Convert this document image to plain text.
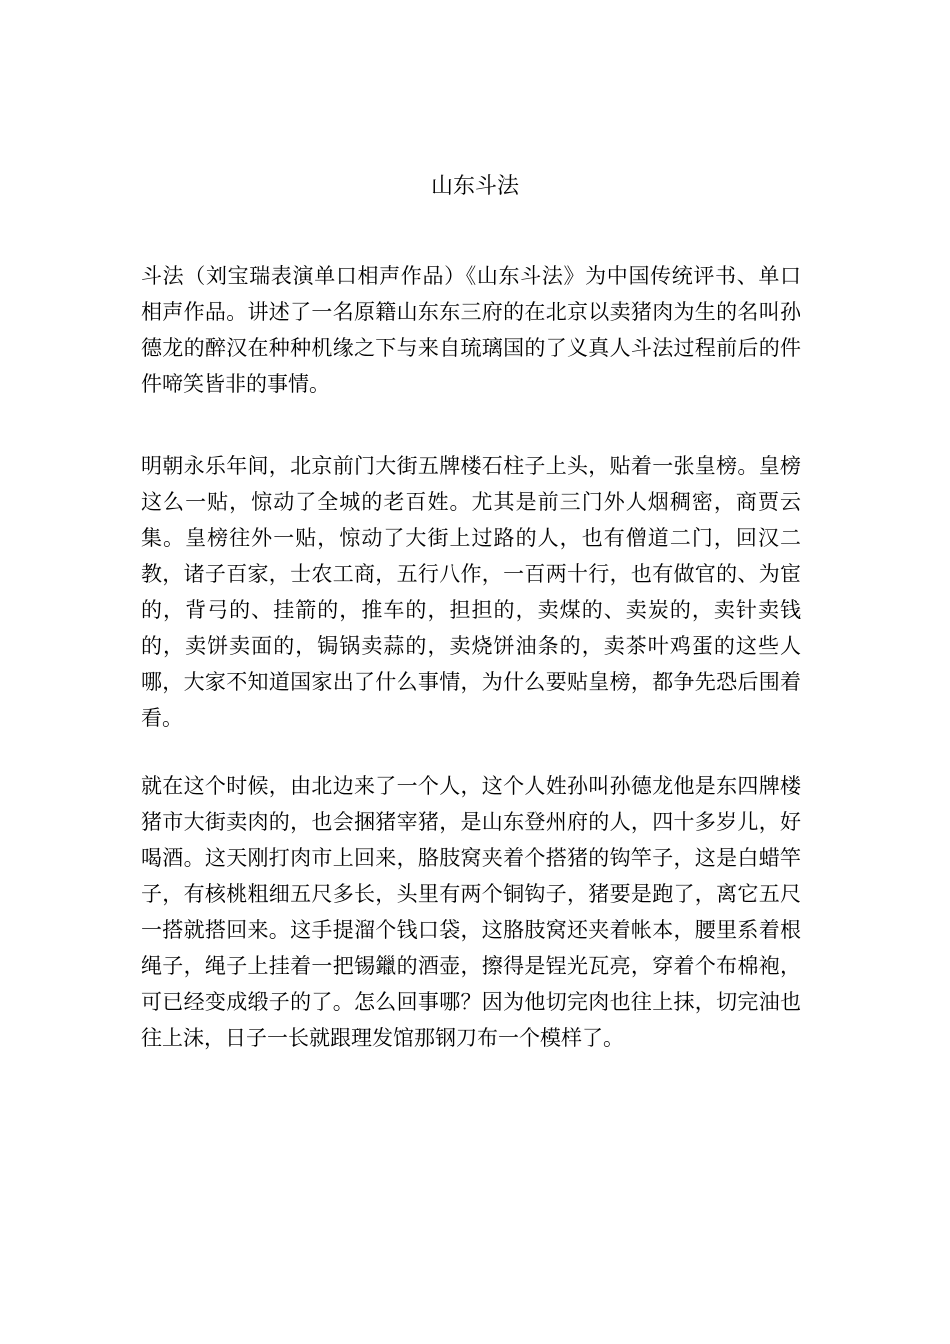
山东斗法

斗法（刘宝瑞表演单口相声作品）《山东斗法》为中国传统评书、单口相声作品。讲述了一名原籍山东东三府的在北京以卖猪肉为生的名叫孙德龙的醉汉在种种机缘之下与来自琉璃国的了义真人斗法过程前后的件件啼笑皆非的事情。

明朝永乐年间，北京前门大街五牌楼石柱子上头，贴着一张皇榜。皇榜这么一贴，惊动了全城的老百姓。尤其是前三门外人烟稠密，商贾云集。皇榜往外一贴，惊动了大街上过路的人，也有僧道二门，回汉二教，诸子百家，士农工商，五行八作，一百两十行，也有做官的、为宦的，背弓的、挂箭的，推车的，担担的，卖煤的、卖炭的，卖针卖钱的，卖饼卖面的，锔锅卖蒜的，卖烧饼油条的，卖茶叶鸡蛋的这些人哪，大家不知道国家出了什么事情，为什么要贴皇榜，都争先恐后围着看。

就在这个时候，由北边来了一个人，这个人姓孙叫孙德龙他是东四牌楼猪市大街卖肉的，也会捆猪宰猪，是山东登州府的人，四十多岁儿，好喝酒。这天刚打肉市上回来，胳肢窝夹着个搭猪的钩竿子，这是白蜡竿子，有核桃粗细五尺多长，头里有两个铜钩子，猪要是跑了，离它五尺一搭就搭回来。这手提溜个钱口袋，这胳肢窝还夹着帐本，腰里系着根绳子，绳子上挂着一把锡鑞的酒壶，擦得是锃光瓦亮，穿着个布棉袍，可已经变成缎子的了。怎么回事哪？因为他切完肉也往上抹，切完油也往上沫，日子一长就跟理发馆那钢刀布一个模样了。
